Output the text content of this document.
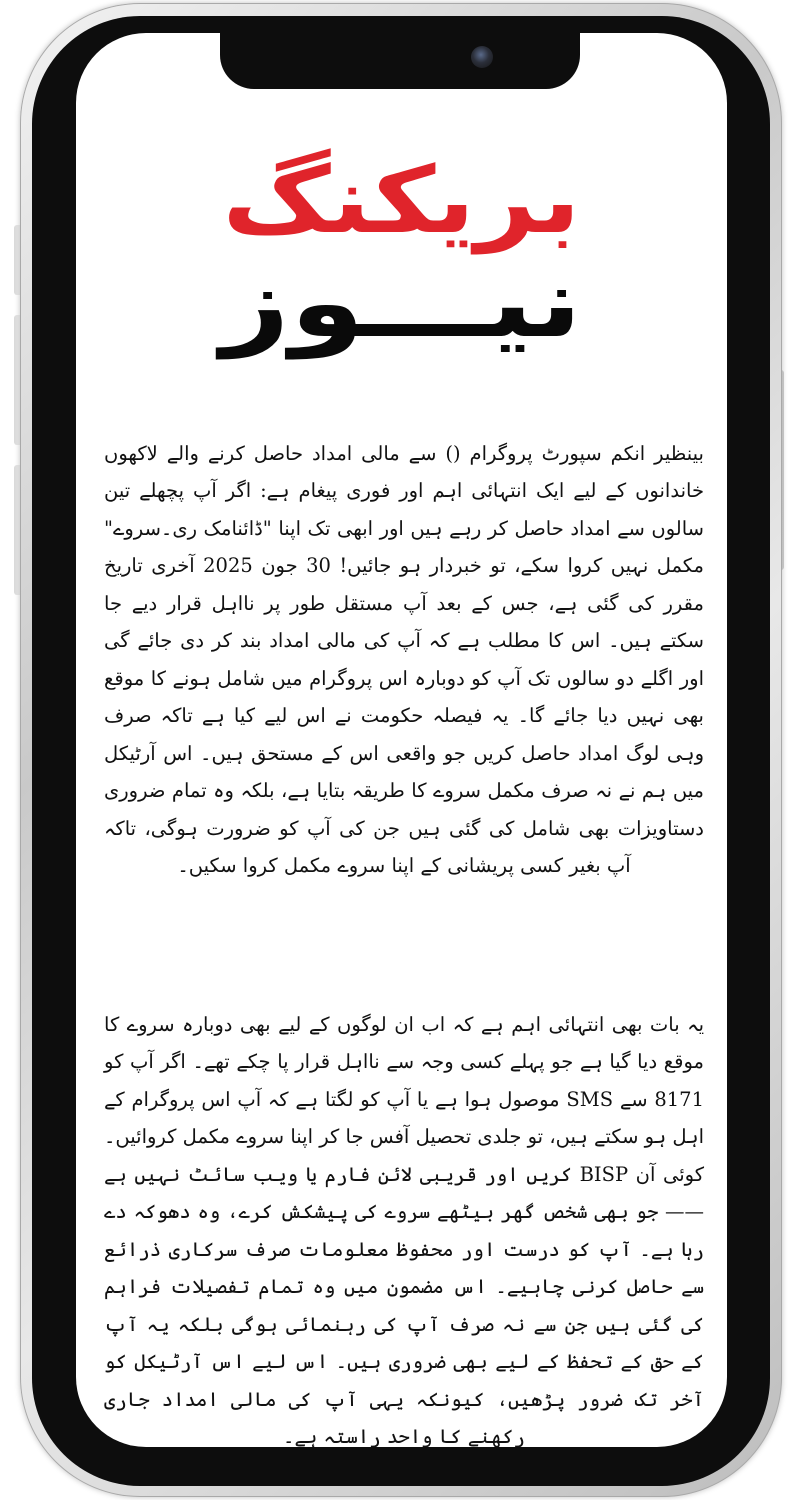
بریکنگ
نیـــوز

بینظیر انکم سپورٹ پروگرام () سے مالی امداد حاصل کرنے والے لاکھوں خاندانوں کے لیے ایک انتہائی اہم اور فوری پیغام ہے: اگر آپ پچھلے تین سالوں سے امداد حاصل کر رہے ہیں اور ابھی تک اپنا "ڈائنامک ری۔سروے" مکمل نہیں کروا سکے، تو خبردار ہو جائیں! 30 جون 2025 آخری تاریخ مقرر کی گئی ہے، جس کے بعد آپ مستقل طور پر نااہل قرار دیے جا سکتے ہیں۔ اس کا مطلب ہے کہ آپ کی مالی امداد بند کر دی جائے گی اور اگلے دو سالوں تک آپ کو دوبارہ اس پروگرام میں شامل ہونے کا موقع بھی نہیں دیا جائے گا۔ یہ فیصلہ حکومت نے اس لیے کیا ہے تاکہ صرف وہی لوگ امداد حاصل کریں جو واقعی اس کے مستحق ہیں۔ اس آرٹیکل میں ہم نے نہ صرف مکمل سروے کا طریقہ بتایا ہے، بلکہ وہ تمام ضروری دستاویزات بھی شامل کی گئی ہیں جن کی آپ کو ضرورت ہوگی، تاکہ آپ بغیر کسی پریشانی کے اپنا سروے مکمل کروا سکیں۔

یہ بات بھی انتہائی اہم ہے کہ اب ان لوگوں کے لیے بھی دوبارہ سروے کا موقع دیا گیا ہے جو پہلے کسی وجہ سے نااہل قرار پا چکے تھے۔ اگر آپ کو 8171 سے SMS موصول ہوا ہے یا آپ کو لگتا ہے کہ آپ اس پروگرام کے اہل ہو سکتے ہیں، تو جلدی تحصیل آفس جا کر اپنا سروے مکمل کروائیں۔ کوئی آن BISP کریں اور قریبی لائن فارم یا ویب سائٹ نہیں ہے —— جو بھی شخص گھر بیٹھے سروے کی پیشکش کرے، وہ دھوکہ دے رہا ہے۔ آپ کو درست اور محفوظ معلومات صرف سرکاری ذرائع سے حاصل کرنی چاہیے۔ اس مضمون میں وہ تمام تفصیلات فراہم کی گئی ہیں جن سے نہ صرف آپ کی رہنمائی ہوگی بلکہ یہ آپ کے حق کے تحفظ کے لیے بھی ضروری ہیں۔ اس لیے اس آرٹیکل کو آخر تک ضرور پڑھیں، کیونکہ یہی آپ کی مالی امداد جاری رکھنے کا واحد راستہ ہے۔
